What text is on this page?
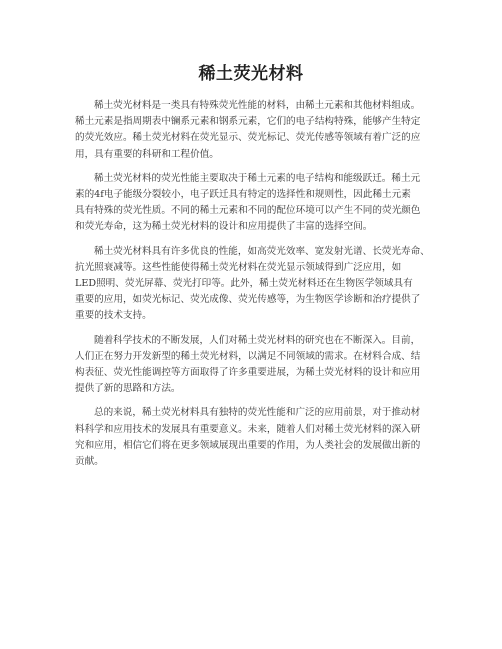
稀土荧光材料

稀土荧光材料是一类具有特殊荧光性能的材料，由稀土元素和其他材料组成。
稀土元素是指周期表中镧系元素和钢系元素，它们的电子结构特殊，能够产生特定
的荧光效应。稀土荧光材料在荧光显示、荧光标记、荧光传感等领域有着广泛的应
用，具有重要的科研和工程价值。

稀土荧光材料的荧光性能主要取决于稀土元素的电子结构和能级跃迁。稀土元
素的4f电子能级分裂较小，电子跃迁具有特定的选择性和规则性，因此稀土元素
具有特殊的荧光性质。不同的稀土元素和不同的配位环境可以产生不同的荧光颜色
和荧光寿命，这为稀土荧光材料的设计和应用提供了丰富的选择空间。

稀土荧光材料具有许多优良的性能，如高荧光效率、宽发射光谱、长荧光寿命、
抗光照衰减等。这些性能使得稀土荧光材料在荧光显示领域得到广泛应用，如
LED照明、荧光屏幕、荧光打印等。此外，稀土荧光材料还在生物医学领域具有
重要的应用，如荧光标记、荧光成像、荧光传感等，为生物医学诊断和治疗提供了
重要的技术支持。

随着科学技术的不断发展，人们对稀土荧光材料的研究也在不断深入。目前，
人们正在努力开发新型的稀土荧光材料，以满足不同领域的需求。在材料合成、结
构表征、荧光性能调控等方面取得了许多重要进展，为稀土荧光材料的设计和应用
提供了新的思路和方法。

总的来说，稀土荧光材料具有独特的荧光性能和广泛的应用前景，对于推动材
料科学和应用技术的发展具有重要意义。未来，随着人们对稀土荧光材料的深入研
究和应用，相信它们将在更多领域展现出重要的作用，为人类社会的发展做出新的
贡献。
